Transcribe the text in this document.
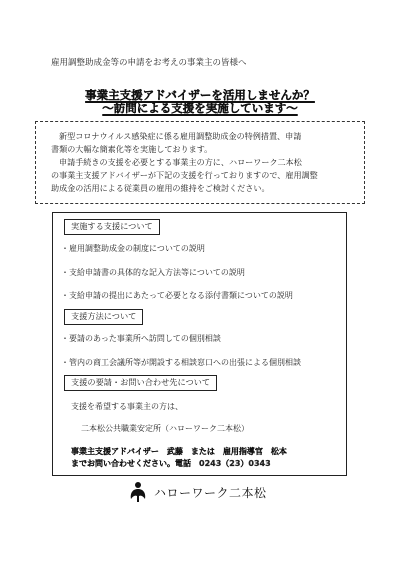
雇用調整助成金等の申請をお考えの事業主の皆様へ
事業主支援アドバイザーを活用しませんか？
～訪問による支援を実施しています～
新型コロナウイルス感染症に係る雇用調整助成金の特例措置、申請
書類の大幅な簡素化等を実施しております。
申請手続きの支援を必要とする事業主の方に、ハローワーク二本松
の事業主支援アドバイザーが下記の支援を行っておりますので、雇用調整
助成金の活用による従業員の雇用の維持をご検討ください。
実施する支援について
・雇用調整助成金の制度についての説明
・支給申請書の具体的な記入方法等についての説明
・支給申請の提出にあたって必要となる添付書類についての説明
支援方法について
・要請のあった事業所へ訪問しての個別相談
・管内の商工会議所等が開設する相談窓口への出張による個別相談
支援の要請・お問い合わせ先について
支援を希望する事業主の方は、
二本松公共職業安定所（ハローワーク二本松）
事業主支援アドバイザー　武藤　または　雇用指導官　松本
までお問い合わせください。電話　0243（23）0343
ハローワーク二本松
